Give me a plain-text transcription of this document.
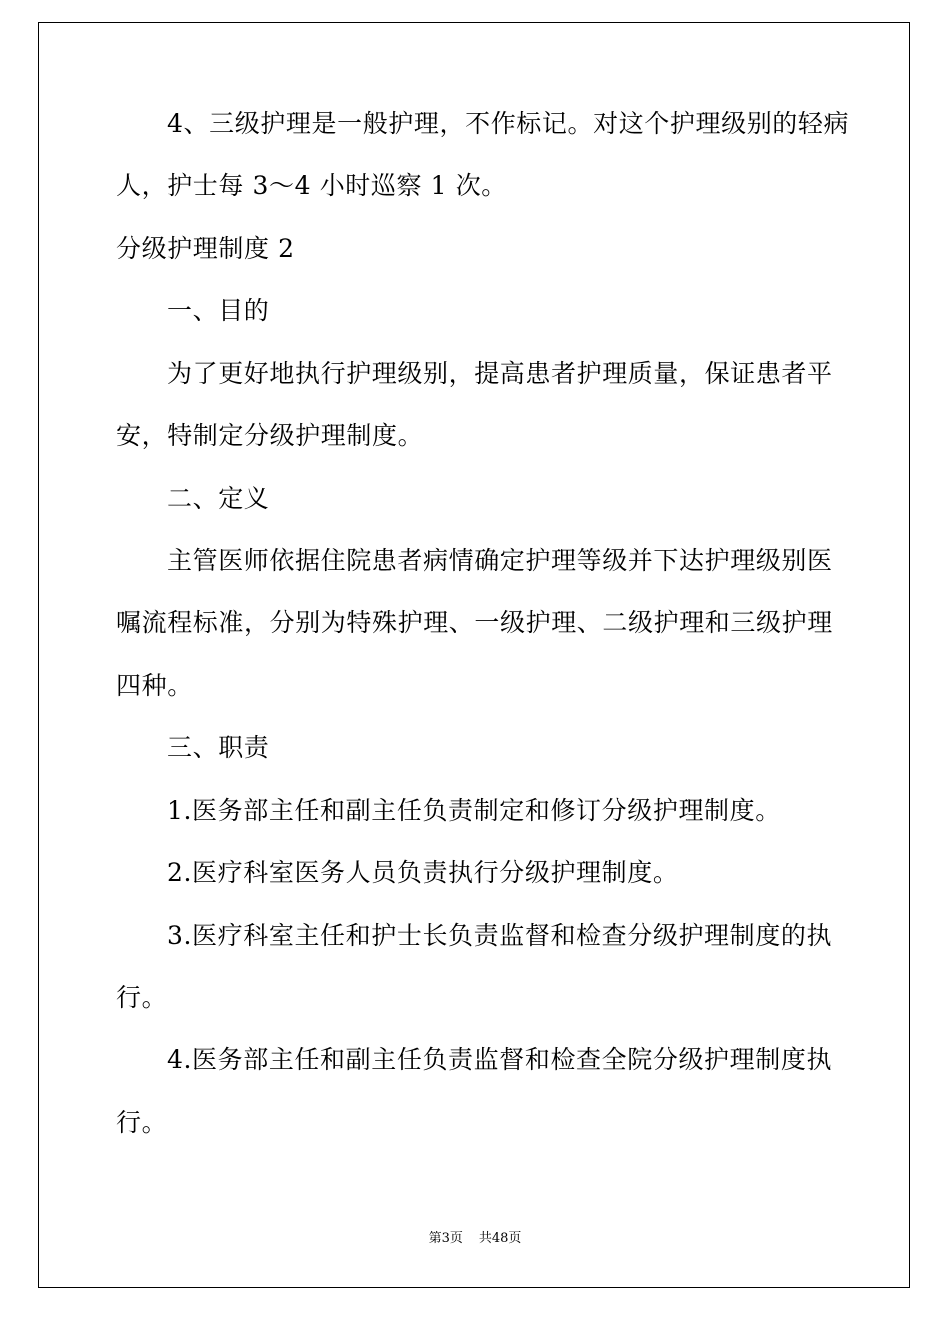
4、三级护理是一般护理，不作标记。对这个护理级别的轻病

人，护士每 3～4 小时巡察 1 次。

分级护理制度 2

一、目的

为了更好地执行护理级别，提高患者护理质量，保证患者平

安，特制定分级护理制度。

二、定义

主管医师依据住院患者病情确定护理等级并下达护理级别医

嘱流程标准，分别为特殊护理、一级护理、二级护理和三级护理

四种。

三、职责

1.医务部主任和副主任负责制定和修订分级护理制度。

2.医疗科室医务人员负责执行分级护理制度。

3.医疗科室主任和护士长负责监督和检查分级护理制度的执

行。

4.医务部主任和副主任负责监督和检查全院分级护理制度执

行。

第3页 共48页
